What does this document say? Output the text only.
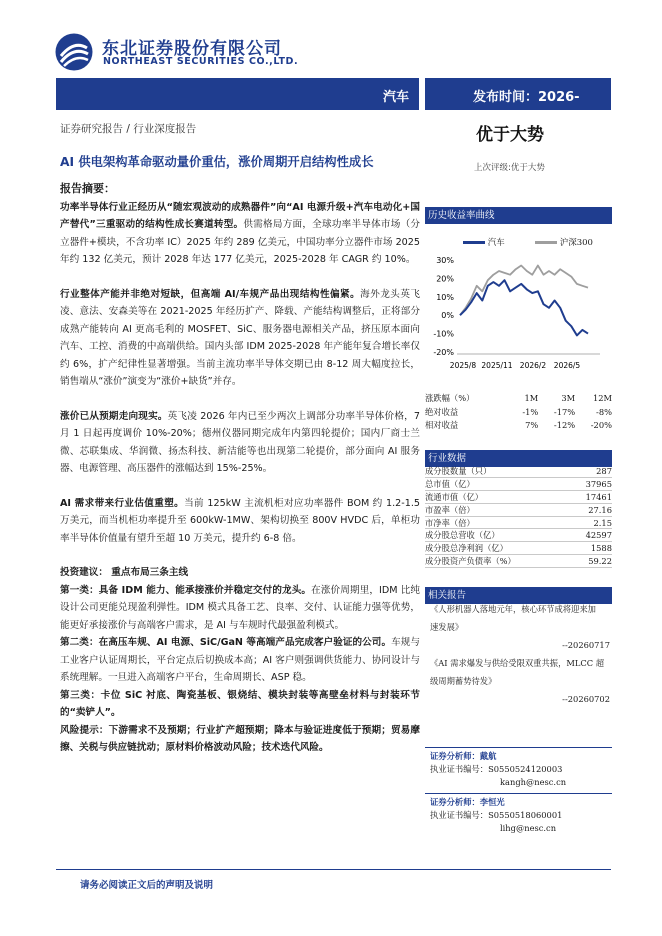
东北证券股份有限公司
NORTHEAST SECURITIES CO.,LTD.
汽车	发布时间：2026-
证券研究报告 / 行业深度报告	优于大势
上次评级:优于大势
AI 供电架构革命驱动量价重估，涨价周期开启结构性成长
报告摘要：
功率半导体行业正经历从“随宏观波动的成熟器件”向“AI 电源升级+汽车电动化+国产替代”三重驱动的结构性成长赛道转型。供需格局方面，全球功率半导体市场（分立器件+模块，不含功率 IC）2025 年约 289 亿美元，中国功率分立器件市场 2025 年约 132 亿美元，预计 2028 年达 177 亿美元，2025-2028 年 CAGR 约 10%。
行业整体产能并非绝对短缺，但高端 AI/车规产品出现结构性偏紧。海外龙头英飞凌、意法、安森美等在 2021-2025 年经历扩产、降载、产能结构调整后，正将部分成熟产能转向 AI 更高毛利的 MOSFET、SiC、服务器电源相关产品，挤压原本面向汽车、工控、消费的中高端供给。国内头部 IDM 2025-2028 年产能年复合增长率仅约 6%，扩产纪律性显著增强。当前主流功率半导体交期已由 8-12 周大幅度拉长，销售端从“涨价”演变为“涨价+缺货”并存。
涨价已从预期走向现实。英飞凌 2026 年内已至少两次上调部分功率半导体价格，7 月 1 日起再度调价 10%-20%；德州仪器同期完成年内第四轮提价；国内厂商士兰微、芯联集成、华润微、扬杰科技、新洁能等也出现第二轮提价，部分面向 AI 服务器、电源管理、高压器件的涨幅达到 15%-25%。
AI 需求带来行业估值重塑。当前 125kW 主流机柜对应功率器件 BOM 约 1.2-1.5 万美元，而当机柜功率提升至 600kW-1MW、架构切换至 800V HVDC 后，单柜功率半导体价值量有望升至超 10 万美元，提升约 6-8 倍。
投资建议： 重点布局三条主线
第一类：具备 IDM 能力、能承接涨价并稳定交付的龙头。在涨价周期里，IDM 比纯设计公司更能兑现盈利弹性。IDM 模式具备工艺、良率、交付、认证能力强等优势，能更好承接涨价与高端客户需求，是 AI 与车规时代最强盈利模式。
第二类：在高压车规、AI 电源、SiC/GaN 等高端产品完成客户验证的公司。车规与工业客户认证周期长，平台定点后切换成本高；AI 客户则强调供货能力、协同设计与系统理解。一旦进入高端客户平台，生命周期长、ASP 稳。
第三类：卡位 SiC 衬底、陶瓷基板、银烧结、模块封装等高壁垒材料与封装环节的“卖铲人”。
风险提示：下游需求不及预期；行业扩产超预期；降本与验证进度低于预期；贸易摩擦、关税与供应链扰动；原材料价格波动风险；技术迭代风险。
历史收益率曲线
汽车	沪深300
30%
20%
10%
0%
-10%
-20%
2025/8 2025/11 2026/2 2026/5
涨跌幅（%）	1M	3M	12M
绝对收益	-1%	-17%	-8%
相对收益	7%	-12%	-20%
行业数据
成分股数量（只）	287
总市值（亿）	37965
流通市值（亿）	17461
市盈率（倍）	27.16
市净率（倍）	2.15
成分股总营收（亿）	42597
成分股总净利润（亿）	1588
成分股资产负债率（%）	59.22
相关报告
《人形机器人落地元年，核心环节成将迎来加
速发展》
--20260717
《AI 需求爆发与供给受限双重共振，MLCC 超
级周期蓄势待发》
--20260702
证券分析师：戴航
执业证书编号：S0550524120003
kangh@nesc.cn
证券分析师：李恒光
执业证书编号：S0550518060001
lihg@nesc.cn
请务必阅读正文后的声明及说明
